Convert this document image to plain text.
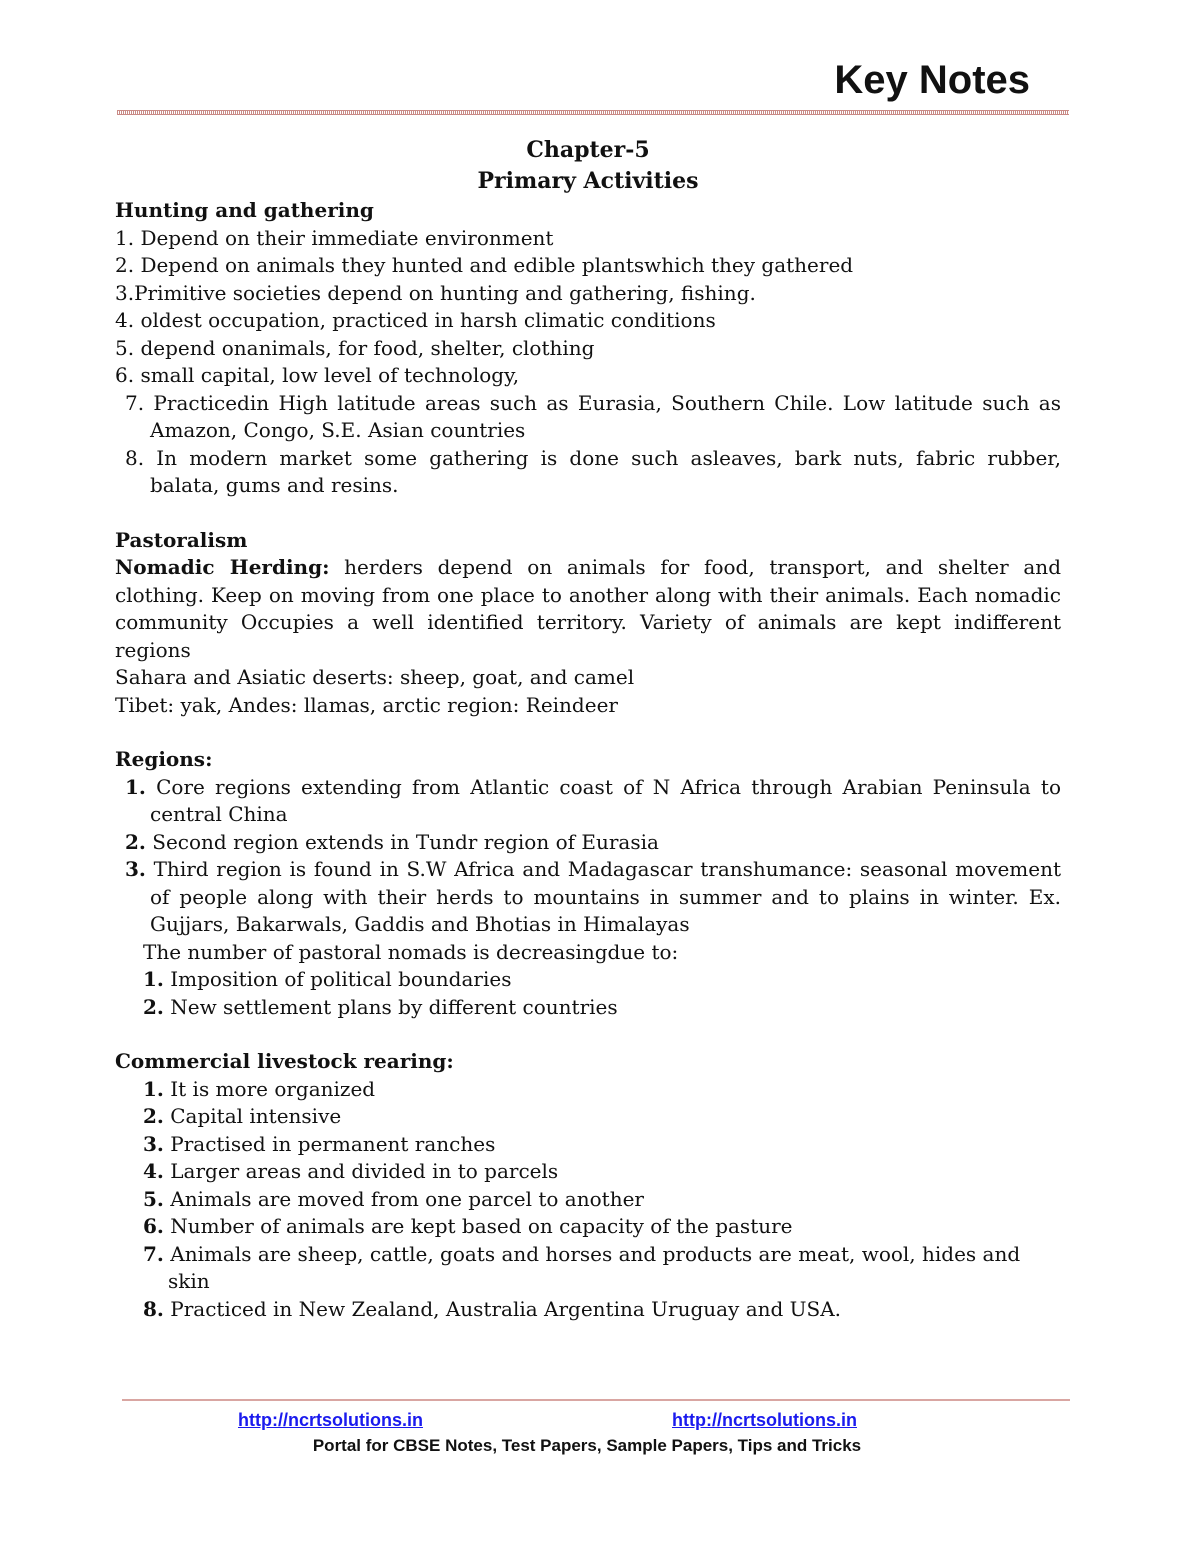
Key Notes
Chapter-5
Primary Activities
Hunting and gathering
1. Depend on their immediate environment
2. Depend on animals they hunted and edible plantswhich they gathered
3.Primitive societies depend on hunting and gathering, fishing.
4. oldest occupation, practiced in harsh climatic conditions
5. depend onanimals, for food, shelter, clothing
6. small capital, low level of technology,
7. Practicedin High latitude areas such as Eurasia, Southern Chile. Low latitude such as Amazon, Congo, S.E. Asian countries
8. In modern market some gathering is done such asleaves, bark nuts, fabric rubber, balata, gums and resins.
Pastoralism
Nomadic Herding: herders depend on animals for food, transport, and shelter and clothing. Keep on moving from one place to another along with their animals. Each nomadic community Occupies a well identified territory. Variety of animals are kept indifferent regions
Sahara and Asiatic deserts: sheep, goat, and camel
Tibet: yak, Andes: llamas, arctic region: Reindeer
Regions:
1. Core regions extending from Atlantic coast of N Africa through Arabian Peninsula to central China
2. Second region extends in Tundr region of Eurasia
3. Third region is found in S.W Africa and Madagascar transhumance: seasonal movement of people along with their herds to mountains in summer and to plains in winter. Ex. Gujjars, Bakarwals, Gaddis and Bhotias in Himalayas
The number of pastoral nomads is decreasingdue to:
1. Imposition of political boundaries
2. New settlement plans by different countries
Commercial livestock rearing:
1. It is more organized
2. Capital intensive
3. Practised in permanent ranches
4. Larger areas and divided in to parcels
5. Animals are moved from one parcel to another
6. Number of animals are kept based on capacity of the pasture
7. Animals are sheep, cattle, goats and horses and products are meat, wool, hides and skin
8. Practiced in New Zealand, Australia Argentina Uruguay and USA.
http://ncrtsolutions.in	http://ncrtsolutions.in
Portal for CBSE Notes, Test Papers, Sample Papers, Tips and Tricks
